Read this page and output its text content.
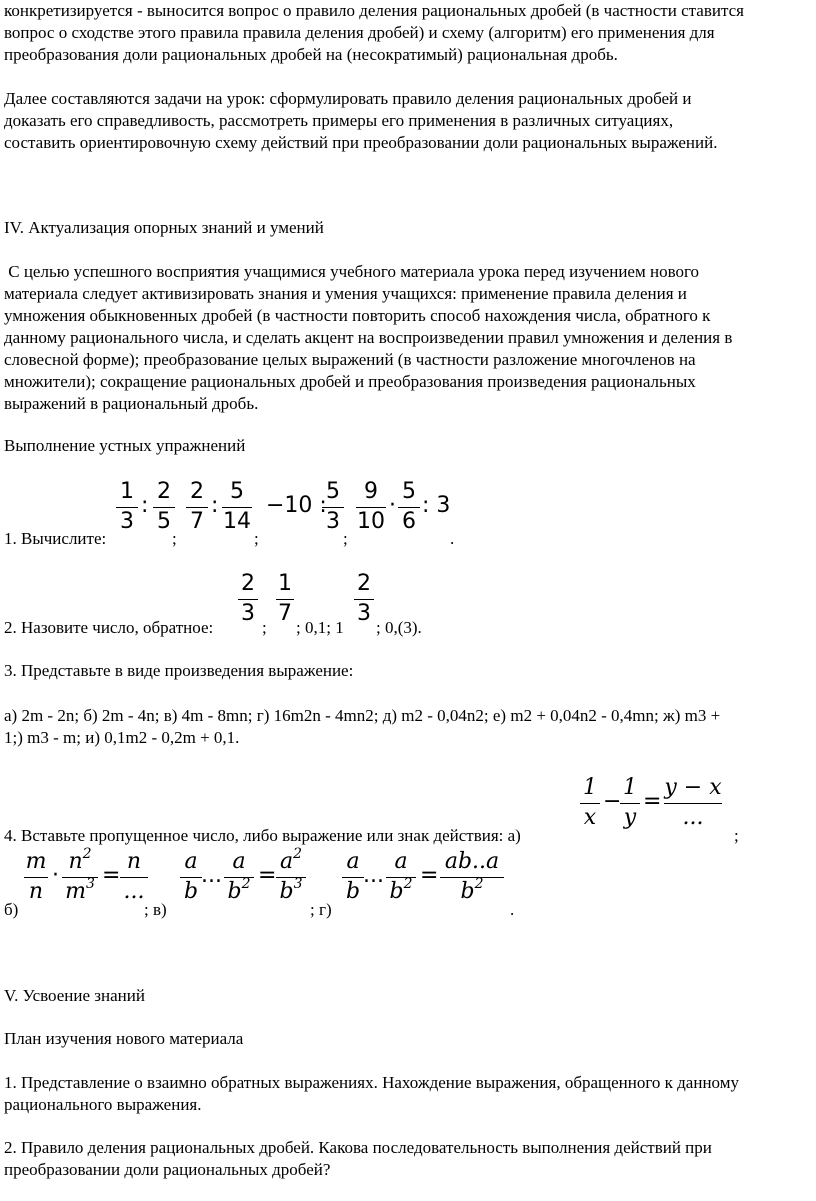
конкретизируется - выносится вопрос о правило деления рациональных дробей (в частности ставится
вопрос о сходстве этого правила правила деления дробей) и схему (алгоритм) его применения для
преобразования доли рациональных дробей на (несократимый) рациональная дробь.
Далее составляются задачи на урок: сформулировать правило деления рациональных дробей и
доказать его справедливость, рассмотреть примеры его применения в различных ситуациях,
составить ориентировочную схему действий при преобразовании доли рациональных выражений.
IV. Актуализация опорных знаний и умений
С целью успешного восприятия учащимися учебного материала урока перед изучением нового
материала следует активизировать знания и умения учащихся: применение правила деления и
умножения обыкновенных дробей (в частности повторить способ нахождения числа, обратного к
данному рационального числа, и сделать акцент на воспроизведении правил умножения и деления в
словесной форме); преобразование целых выражений (в частности разложение многочленов на
множители); сокращение рациональных дробей и преобразования произведения рациональных
выражений в рациональный дробь.
Выполнение устных упражнений
1. Вычислите:
1
3
:
2
5
;
2
7
:
5
14
;
−10 :
5
3
;
9
10
·
5
6
: 3
.
2. Назовите число, обратное:
2
3
;
1
7
; 0,1; 1
2
3
; 0,(3).
3. Представьте в виде произведения выражение:
а) 2m - 2n; б) 2m - 4n; в) 4m - 8mn; г) 16m2n - 4mn2; д) m2 - 0,04n2; е) m2 + 0,04n2 - 0,4mn; ж) m3 +
1;) m3 - m; и) 0,1m2 - 0,2m + 0,1.
4. Вставьте пропущенное число, либо выражение или знак действия: а)
1
x
−
1
y
=
y − x
...
;
б)
m
n
·
$n^2$
$m^3$ =
n
...
; в)
a
b
...
a
$b^2$ =
$a^2$
$b^3$
; г)
a
b
...
a
$b^2$ =
ab..a
$b^2$
.
V. Усвоение знаний
План изучения нового материала
1. Представление о взаимно обратных выражениях. Нахождение выражения, обращенного к данному
рационального выражения.
2. Правило деления рациональных дробей. Какова последовательность выполнения действий при
преобразовании доли рациональных дробей?
